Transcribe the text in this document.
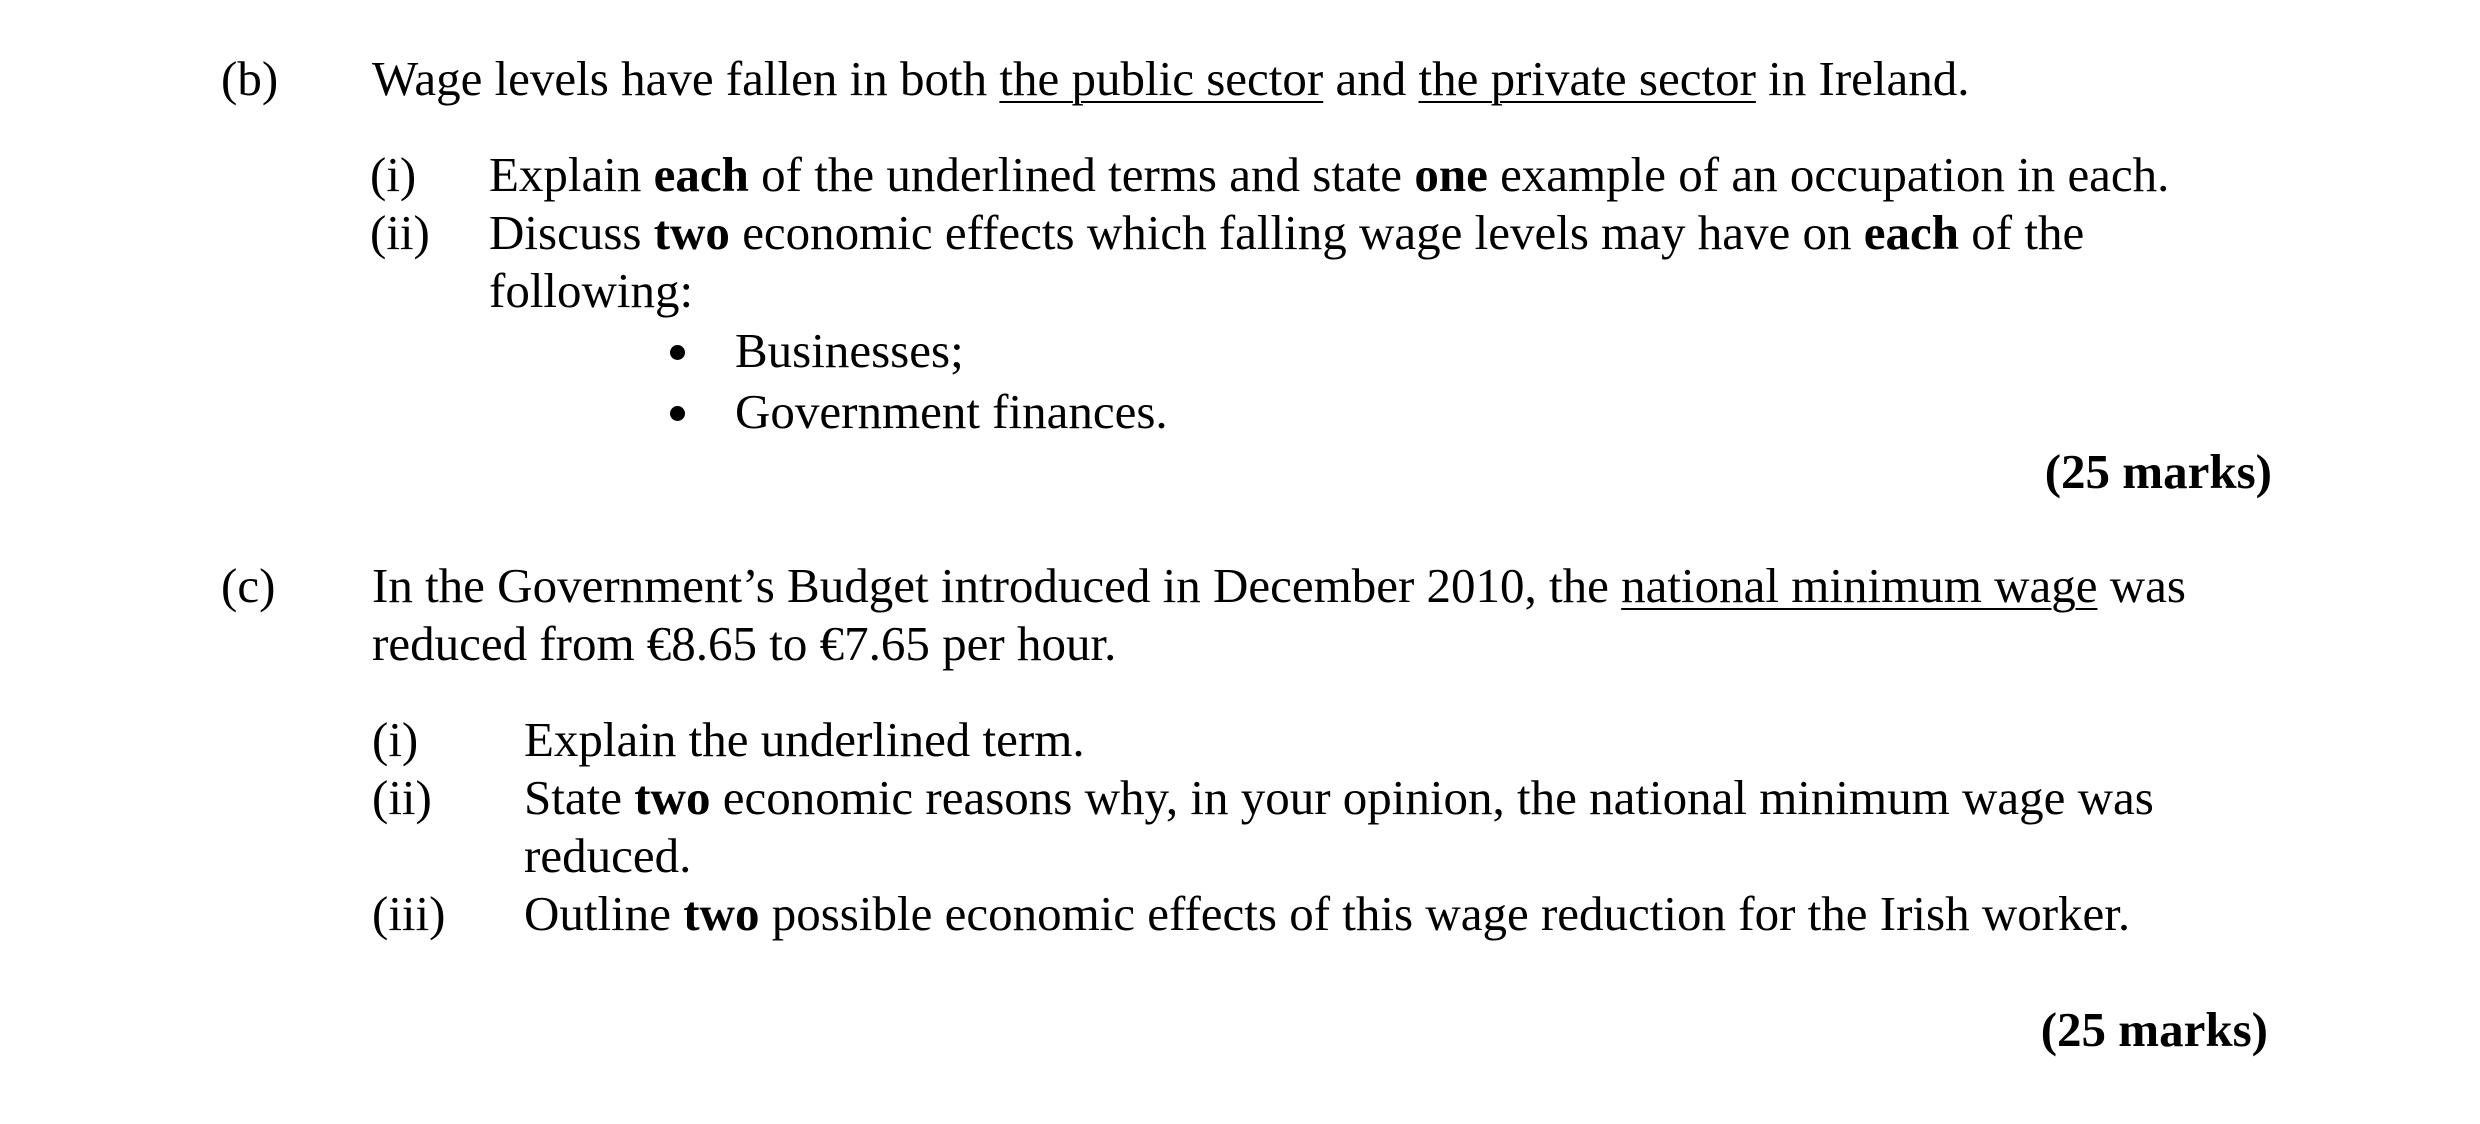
(b) Wage levels have fallen in both the public sector and the private sector in Ireland.
(i) Explain each of the underlined terms and state one example of an occupation in each.
(ii) Discuss two economic effects which falling wage levels may have on each of the
following:
Businesses;
Government finances.
(25 marks)
(c) In the Government’s Budget introduced in December 2010, the national minimum wage was
reduced from €8.65 to €7.65 per hour.
(i) Explain the underlined term.
(ii) State two economic reasons why, in your opinion, the national minimum wage was
reduced.
(iii) Outline two possible economic effects of this wage reduction for the Irish worker.
(25 marks)
